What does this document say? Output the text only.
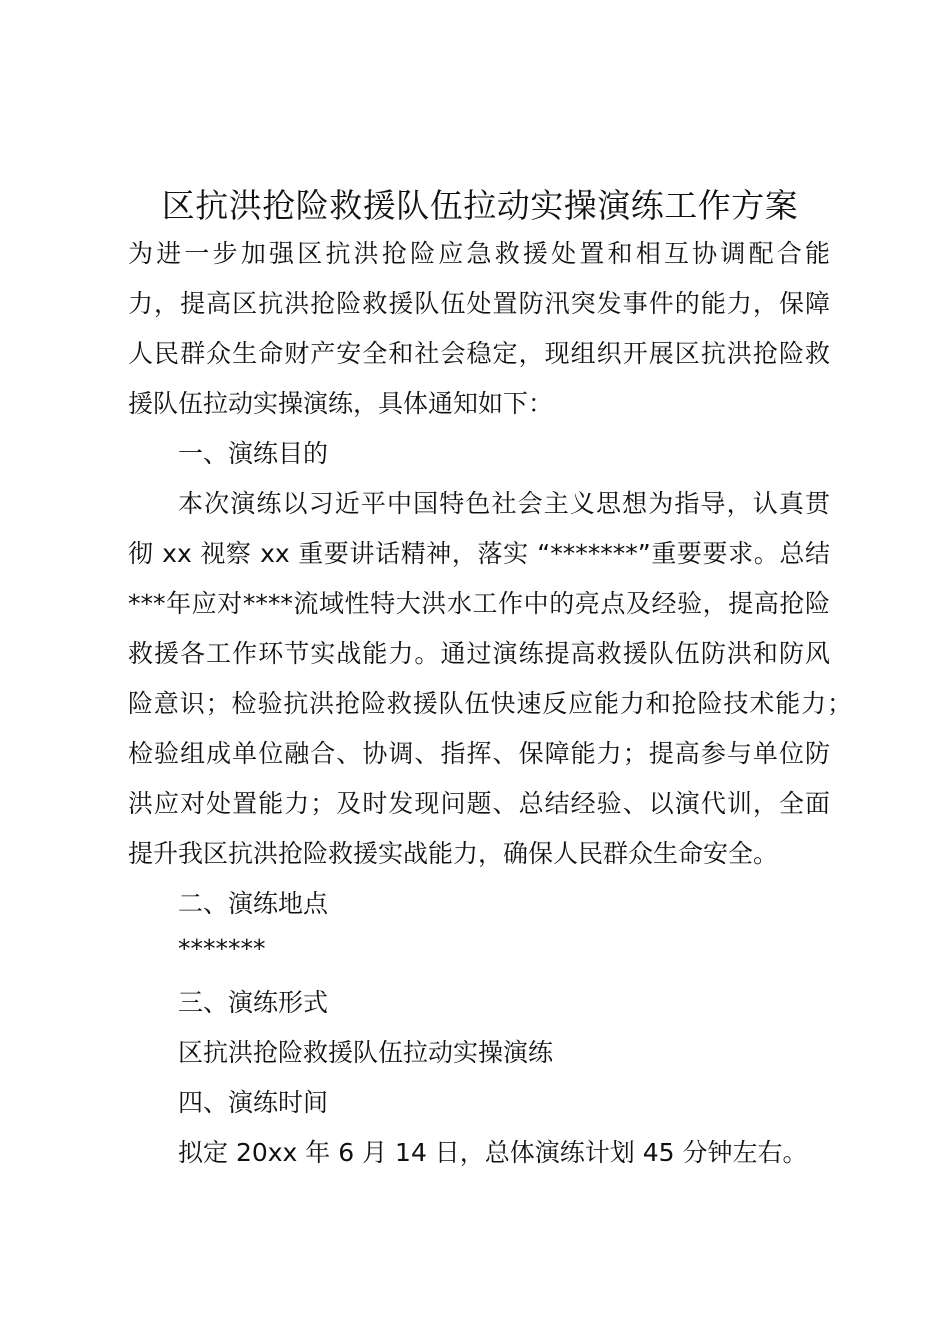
区抗洪抢险救援队伍拉动实操演练工作方案
为进一步加强区抗洪抢险应急救援处置和相互协调配合能
力，提高区抗洪抢险救援队伍处置防汛突发事件的能力，保障
人民群众生命财产安全和社会稳定，现组织开展区抗洪抢险救
援队伍拉动实操演练，具体通知如下：
一、演练目的
本次演练以习近平中国特色社会主义思想为指导，认真贯
彻 xx 视察 xx 重要讲话精神，落实 “*******”重要要求。总结
***年应对****流域性特大洪水工作中的亮点及经验，提高抢险
救援各工作环节实战能力。通过演练提高救援队伍防洪和防风
险意识；检验抗洪抢险救援队伍快速反应能力和抢险技术能力；
检验组成单位融合、协调、指挥、保障能力；提高参与单位防
洪应对处置能力；及时发现问题、总结经验、以演代训，全面
提升我区抗洪抢险救援实战能力，确保人民群众生命安全。
二、演练地点
*******
三、演练形式
区抗洪抢险救援队伍拉动实操演练
四、演练时间
拟定 20xx 年 6 月 14 日，总体演练计划 45 分钟左右。
